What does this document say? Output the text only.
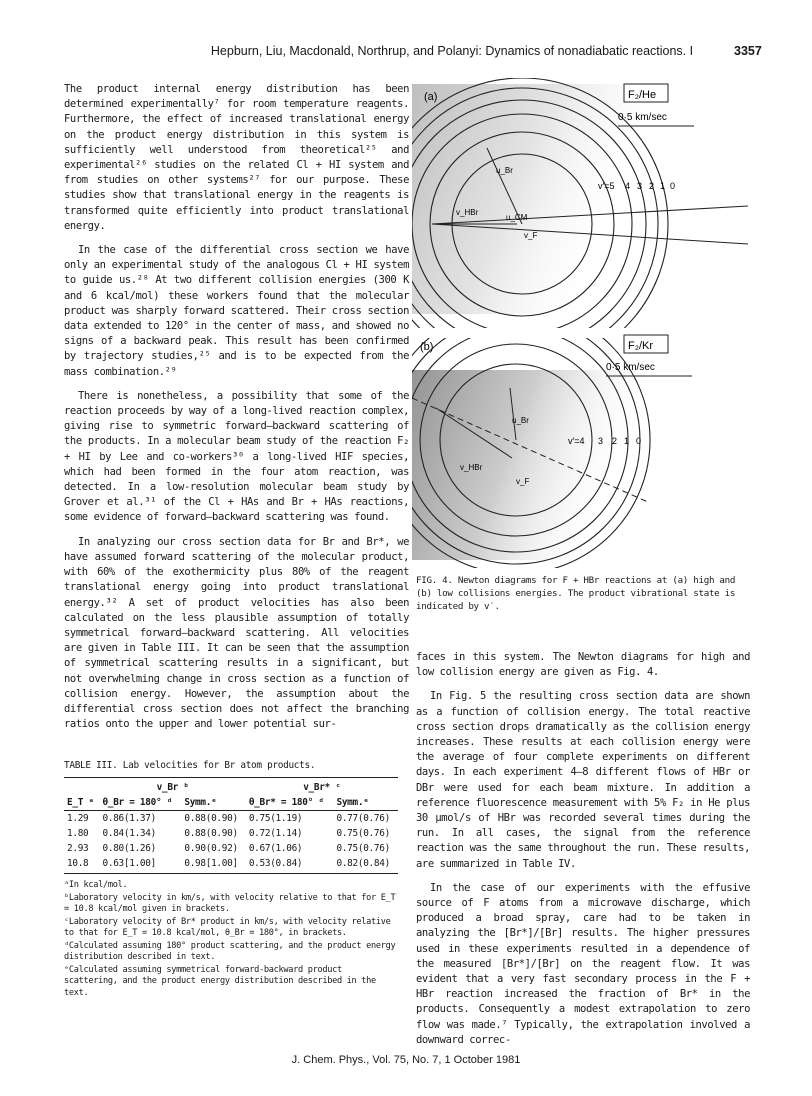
Hepburn, Liu, Macdonald, Northrup, and Polanyi: Dynamics of nonadiabatic reactions. I	3357

The product internal energy distribution has been determined experimentally⁷ for room temperature reagents. Furthermore, the effect of increased translational energy on the product energy distribution in this system is sufficiently well understood from theoretical²⁵ and experimental²⁶ studies on the related Cl + HI system and from studies on other systems²⁷ for our purpose. These studies show that translational energy in the reagents is transformed quite efficiently into product translational energy.

In the case of the differential cross section we have only an experimental study of the analogous Cl + HI system to guide us.²⁸ At two different collision energies (300 K and 6 kcal/mol) these workers found that the molecular product was sharply forward scattered. Their cross section data extended to 120° in the center of mass, and showed no signs of a backward peak. This result has been confirmed by trajectory studies,²⁵ and is to be expected from the mass combination.²⁹

There is nonetheless, a possibility that some of the reaction proceeds by way of a long-lived reaction complex, giving rise to symmetric forward–backward scattering of the products. In a molecular beam study of the reaction F₂ + HI by Lee and co-workers³⁰ a long-lived HIF species, which had been formed in the four atom reaction, was detected. In a low-resolution molecular beam study by Grover et al.³¹ of the Cl + HAs and Br + HAs reactions, some evidence of forward–backward scattering was found.

In analyzing our cross section data for Br and Br*, we have assumed forward scattering of the molecular product, with 60% of the exothermicity plus 80% of the reagent translational energy going into product translational energy.³² A set of product velocities has also been calculated on the less plausible assumption of totally symmetrical forward–backward scattering. All velocities are given in Table III. It can be seen that the assumption of symmetrical scattering results in a significant, but not overwhelming change in cross section as a function of collision energy. However, the assumption about the differential cross section does not affect the branching ratios onto the upper and lower potential sur-

(a)	F₂/He
0·5 km/sec
v′=5 4 3 2 1 0
u_Br
v_HBr
u_CM
v_F
(b)	F₂/Kr
0·5 km/sec
v′=4 3 2 1 0
u_Br
v_HBr
v_F
FIG. 4. Newton diagrams for F + HBr reactions at (a) high and (b) low collisions energies. The product vibrational state is indicated by v′.
TABLE III. Lab velocities for Br atom products.
	v_Br ᵇ		v_Br* ᶜ	
E_T ᵃ	θ_Br = 180° ᵈ	Symm.ᵉ	θ_Br* = 180° ᵈ	Symm.ᵉ
1.29	0.86(1.37)	0.88(0.90)	0.75(1.19)	0.77(0.76)
1.80	0.84(1.34)	0.88(0.90)	0.72(1.14)	0.75(0.76)
2.93	0.80(1.26)	0.90(0.92)	0.67(1.06)	0.75(0.76)
10.8	0.63[1.00]	0.98[1.00]	0.53(0.84)	0.82(0.84)
ᵃIn kcal/mol.
ᵇLaboratory velocity in km/s, with velocity relative to that for E_T = 10.8 kcal/mol given in brackets.
ᶜLaboratory velocity of Br* product in km/s, with velocity relative to that for E_T = 10.8 kcal/mol, θ_Br = 180°, in brackets.
ᵈCalculated assuming 180° product scattering, and the product energy distribution described in text.
ᵉCalculated assuming symmetrical forward-backward product scattering, and the product energy distribution described in the text.

faces in this system. The Newton diagrams for high and low collision energy are given as Fig. 4.

In Fig. 5 the resulting cross section data are shown as a function of collision energy. The total reactive cross section drops dramatically as the collision energy increases. These results at each collision energy were the average of four complete experiments on different days. In each experiment 4–8 different flows of HBr or DBr were used for each beam mixture. In addition a reference fluorescence measurement with 5% F₂ in He plus 30 μmol/s of HBr was recorded several times during the run. In all cases, the signal from the reference reaction was the same throughout the run. These results, are summarized in Table IV.

In the case of our experiments with the effusive source of F atoms from a microwave discharge, which produced a broad spray, care had to be taken in analyzing the [Br*]/[Br] results. The higher pressures used in these experiments resulted in a dependence of the measured [Br*]/[Br] on the reagent flow. It was evident that a very fast secondary process in the F + HBr reaction increased the fraction of Br* in the products. Consequently a modest extrapolation to zero flow was made.⁷ Typically, the extrapolation involved a downward correc-

J. Chem. Phys., Vol. 75, No. 7, 1 October 1981
